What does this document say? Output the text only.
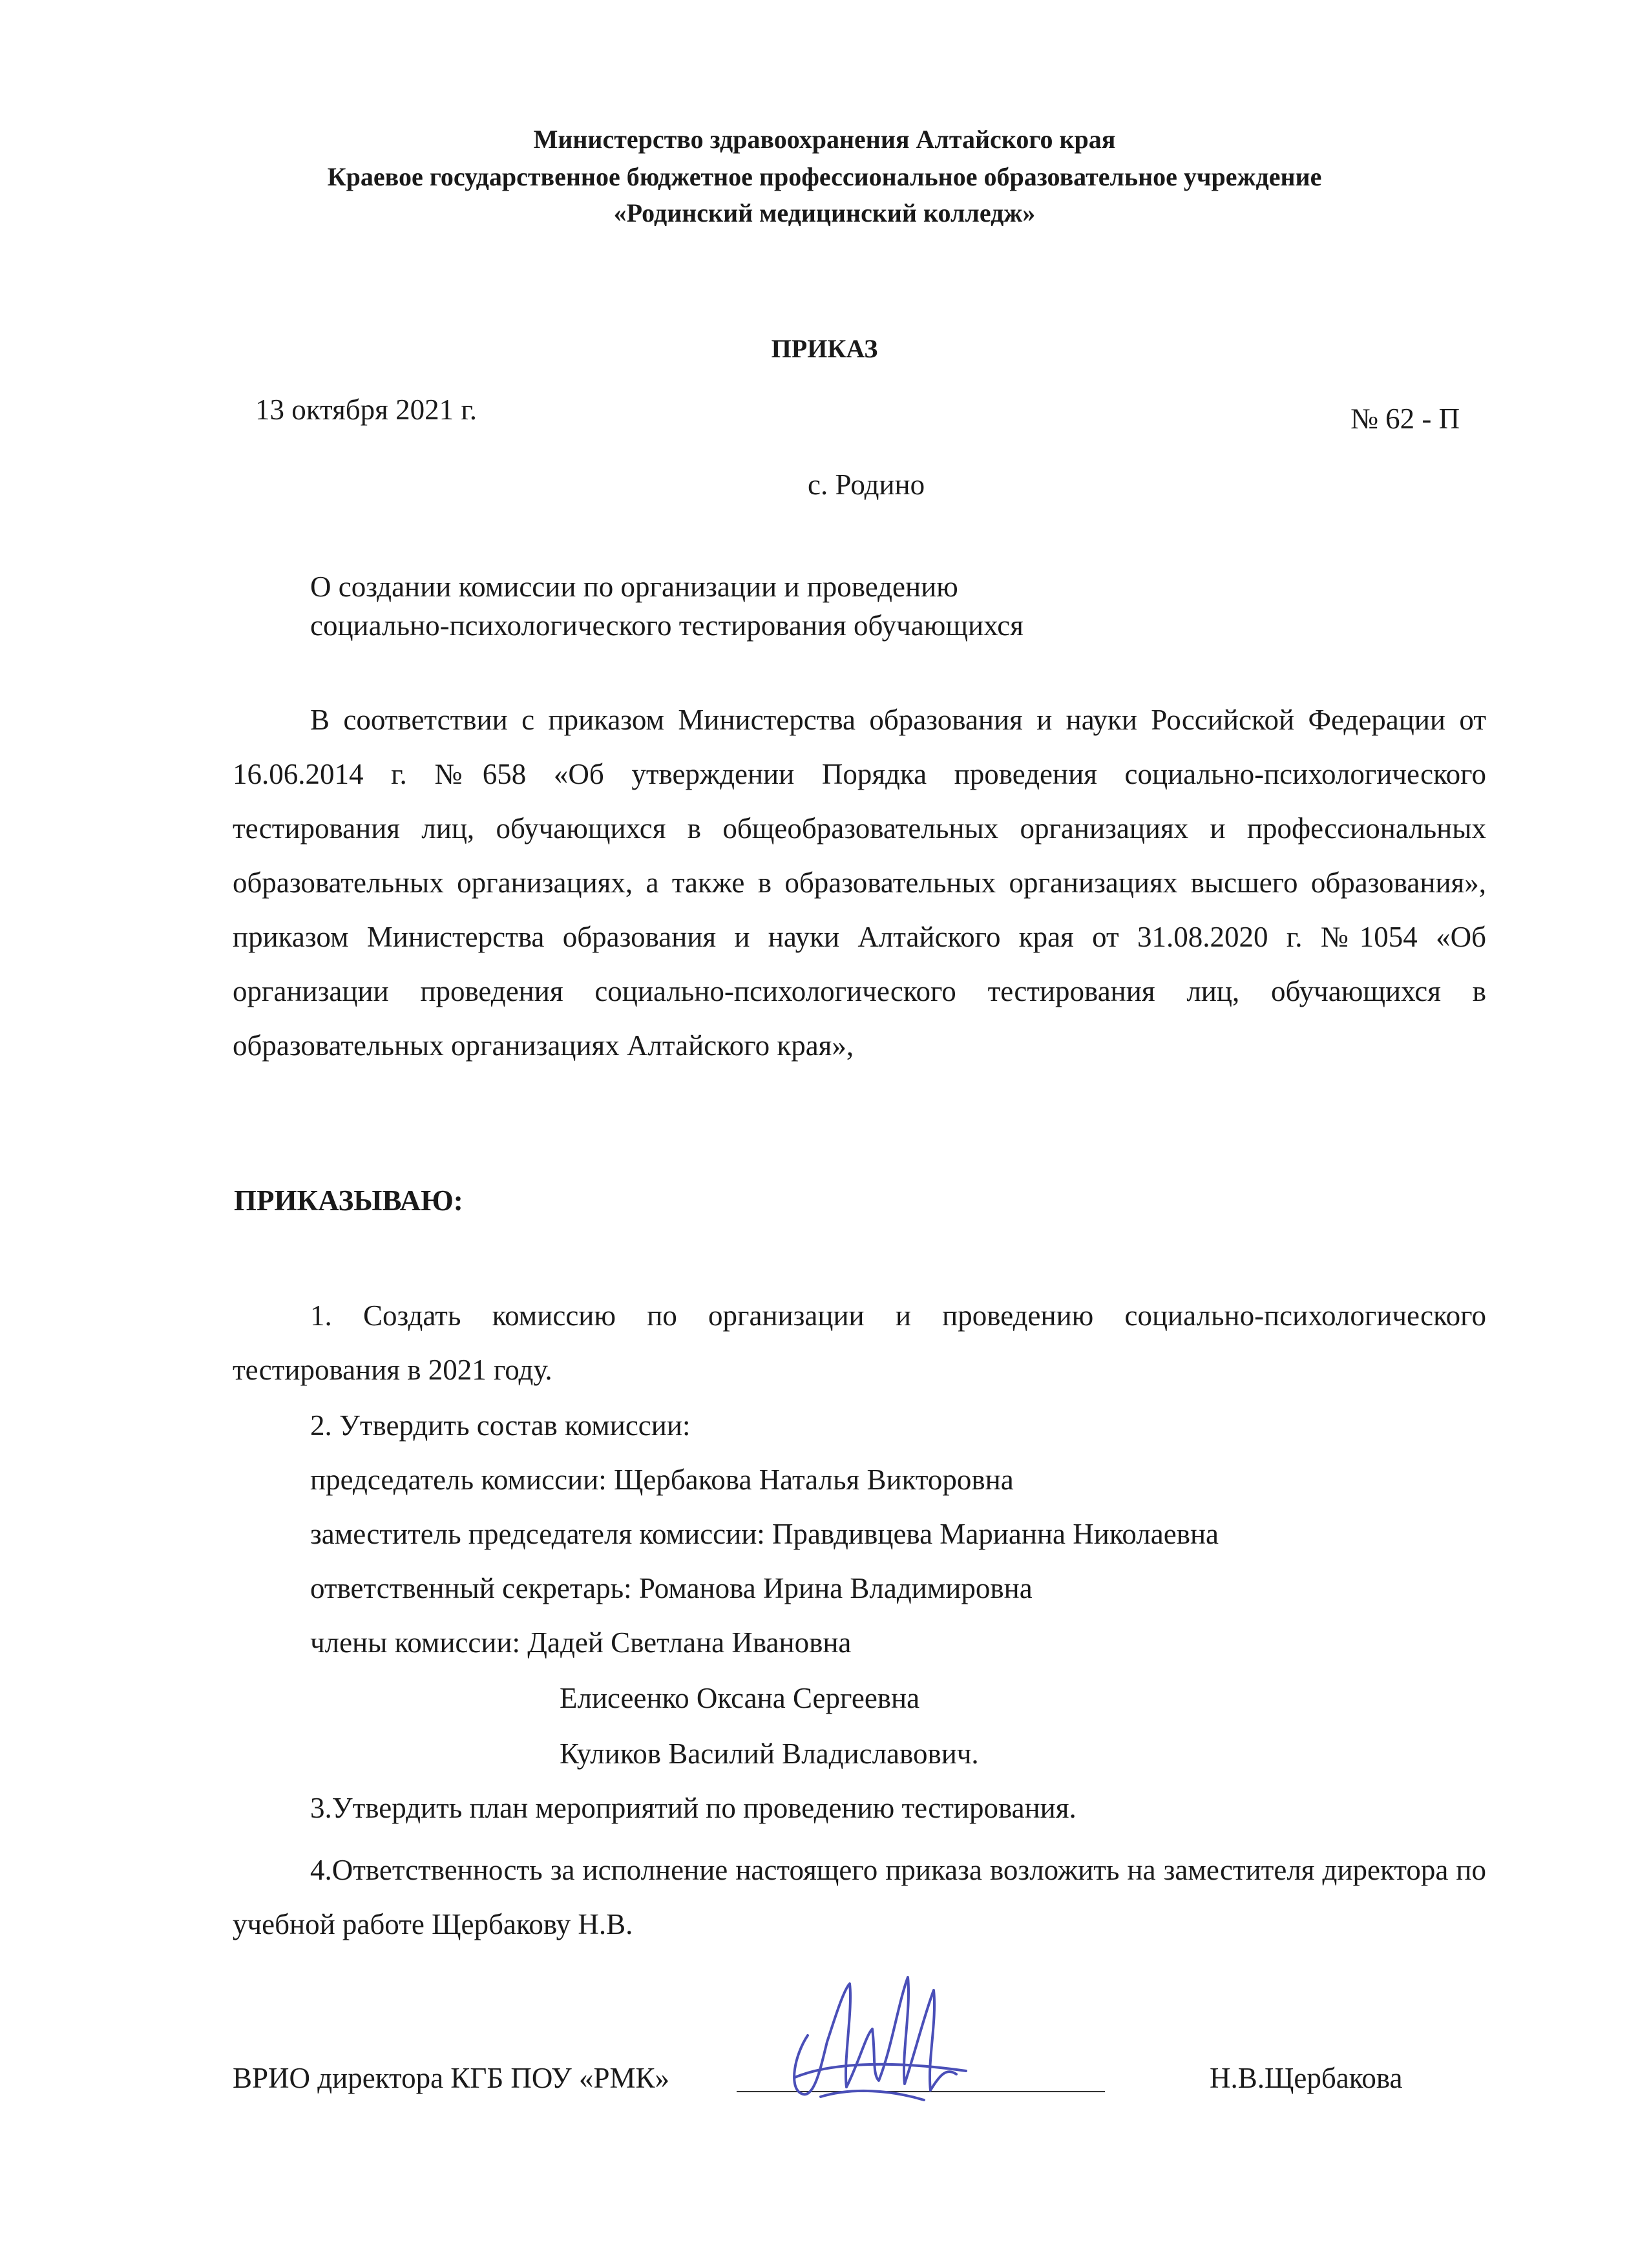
Министерство здравоохранения Алтайского края
Краевое государственное бюджетное профессиональное образовательное учреждение
«Родинский медицинский колледж»
ПРИКАЗ
13 октября 2021 г.	№ 62 - П
с. Родино
О создании комиссии по организации и проведению
социально-психологического тестирования обучающихся
В соответствии с приказом Министерства образования и науки Российской Федерации от 16.06.2014 г. №658 «Об утверждении Порядка проведения социально-психологического тестирования лиц, обучающихся в общеобразовательных организациях и профессиональных образовательных организациях, а также в образовательных организациях высшего образования», приказом Министерства образования и науки Алтайского края от 31.08.2020 г. №1054 «Об организации проведения социально-психологического тестирования лиц, обучающихся в образовательных организациях Алтайского края»,
ПРИКАЗЫВАЮ:
1. Создать комиссию по организации и проведению социально-психологического тестирования в 2021 году.
2. Утвердить состав комиссии:
председатель комиссии: Щербакова Наталья Викторовна
заместитель председателя комиссии: Правдивцева Марианна Николаевна
ответственный секретарь: Романова Ирина Владимировна
члены комиссии: Дадей Светлана Ивановна
Елисеенко Оксана Сергеевна
Куликов Василий Владиславович.
3.Утвердить план мероприятий по проведению тестирования.
4.Ответственность за исполнение настоящего приказа возложить на заместителя директора по учебной работе Щербакову Н.В.
ВРИО директора КГБ ПОУ «РМК»	Н.В.Щербакова
